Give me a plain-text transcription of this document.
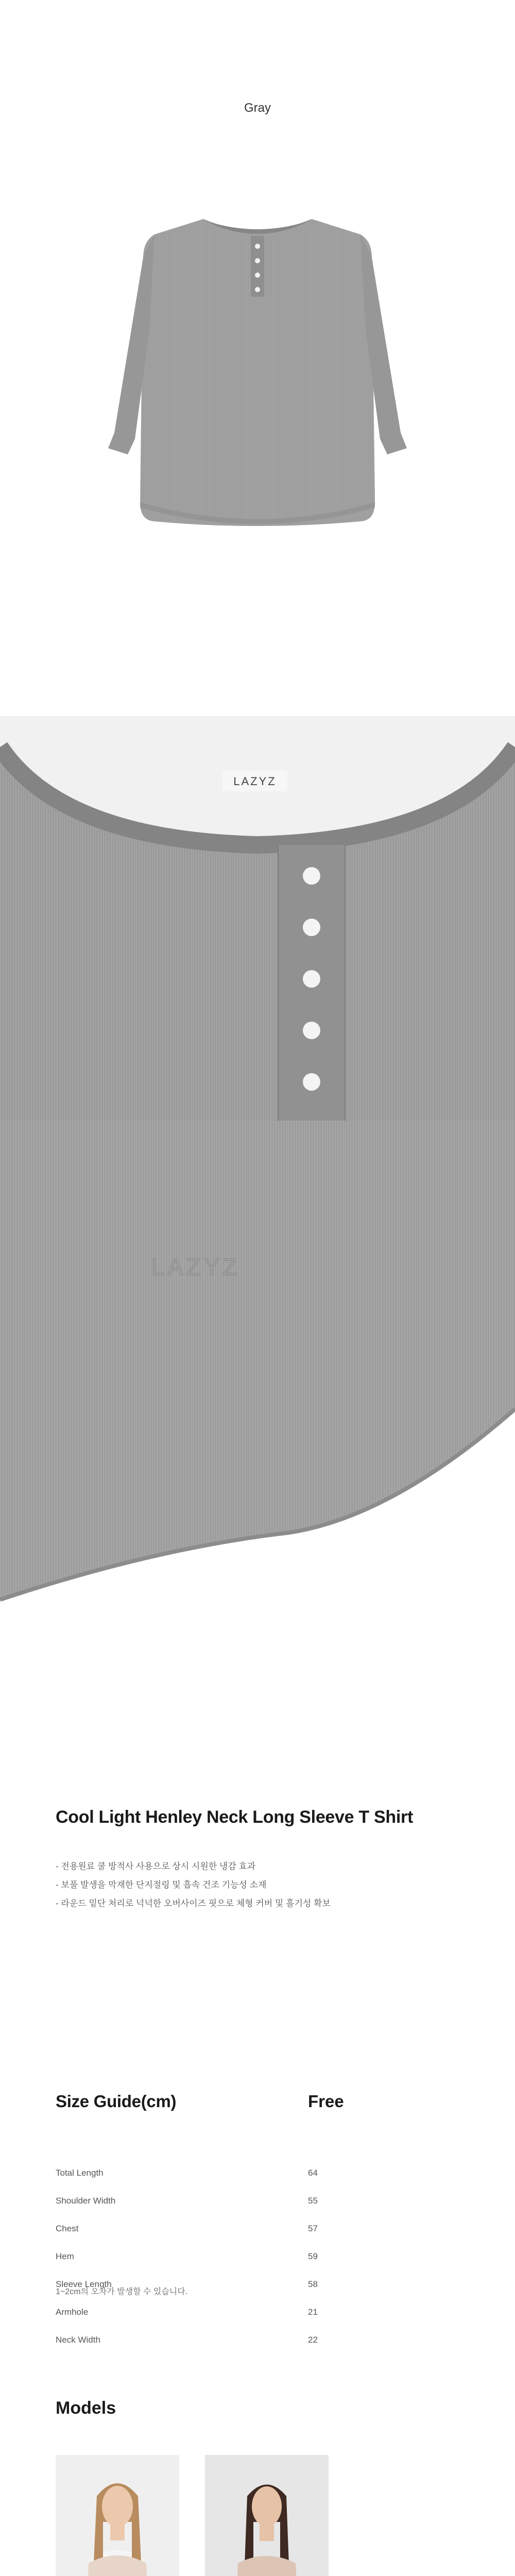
Gray
LAZYZ
LAZYZ
Cool Light Henley Neck Long Sleeve T Shirt
- 전용원료 쿨 방적사 사용으로 상시 시원한 냉감 효과
- 보풀 발생을 막재한 단지절링 및 흡속 건조 기능성 소재
- 라운드 밑단 처리로 넉넉한 오버사이즈 핏으로 체형 커버 및 흘기성 확보
Size Guide(cm)	Free
Total Length	64
Shoulder Width	55
Chest	57
Hem	59
Sleeve Length	58
Armhole	21
Neck Width	22
1~2cm의 오차가 발생할 수 있습니다.
Models
